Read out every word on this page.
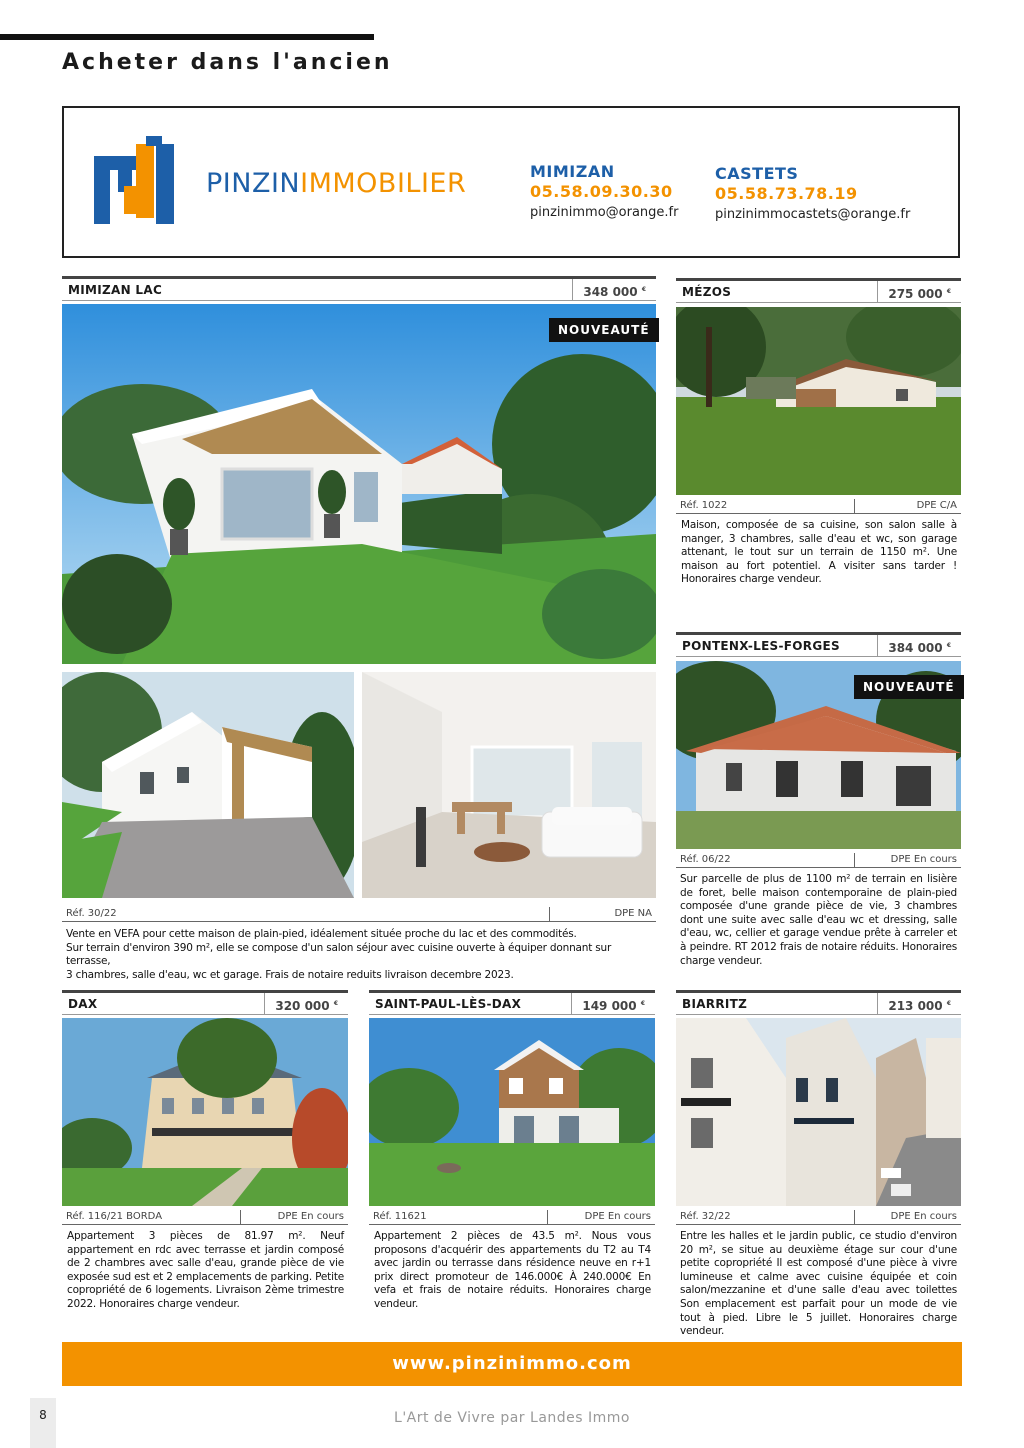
Acheter dans l'ancien
PINZINIMMOBILIER	MIMIZAN
05.58.09.30.30
pinzinimmo@orange.fr
CASTETS
05.58.73.78.19
pinzinimmocastets@orange.fr
MIMIZAN LAC	348 000 €
NOUVEAUTÉ
Réf. 30/22	DPE NA

Vente en VEFA pour cette maison de plain-pied, idéalement située proche du lac et des commodités.

Sur terrain d'environ 390 m², elle se compose d'un salon séjour avec cuisine ouverte à équiper donnant sur terrasse,

3 chambres, salle d'eau, wc et garage. Frais de notaire reduits livraison decembre 2023.

MÉZOS	275 000 €
Réf. 1022	DPE C/A
Maison, composée de sa cuisine, son salon salle à manger, 3 chambres, salle d'eau et wc, son garage attenant, le tout sur un terrain de 1150 m². Une maison au fort potentiel. A visiter sans tarder ! Honoraires charge vendeur.
PONTENX-LES-FORGES	384 000 €
NOUVEAUTÉ
Réf. 06/22	DPE En cours
Sur parcelle de plus de 1100 m² de terrain en lisière de foret, belle maison contemporaine de plain-pied composée d'une grande pièce de vie, 3 chambres dont une suite avec salle d'eau wc et dressing, salle d'eau, wc, cellier et garage vendue prête à carreler et à peindre. RT 2012 frais de notaire réduits. Honoraires charge vendeur.
DAX	320 000 €
Réf. 116/21 BORDA	DPE En cours
Appartement 3 pièces de 81.97 m². Neuf appartement en rdc avec terrasse et jardin composé de 2 chambres avec salle d'eau, grande pièce de vie exposée sud est et 2 emplacements de parking. Petite copropriété de 6 logements. Livraison 2ème trimestre 2022. Honoraires charge vendeur.
SAINT-PAUL-LÈS-DAX	149 000 €
Réf. 11621	DPE En cours
Appartement 2 pièces de 43.5 m². Nous vous proposons d'acquérir des appartements du T2 au T4 avec jardin ou terrasse dans résidence neuve en r+1 prix direct promoteur de 146.000€ À 240.000€ En vefa et frais de notaire réduits. Honoraires charge vendeur.
BIARRITZ	213 000 €
Réf. 32/22	DPE En cours
Entre les halles et le jardin public, ce studio d'environ 20 m², se situe au deuxième étage sur cour d'une petite copropriété Il est composé d'une pièce à vivre lumineuse et calme avec cuisine équipée et coin salon/mezzanine et d'une salle d'eau avec toilettes Son emplacement est parfait pour un mode de vie tout à pied. Libre le 5 juillet. Honoraires charge vendeur.
www.pinzinimmo.com
8	L'Art de Vivre par Landes Immo
